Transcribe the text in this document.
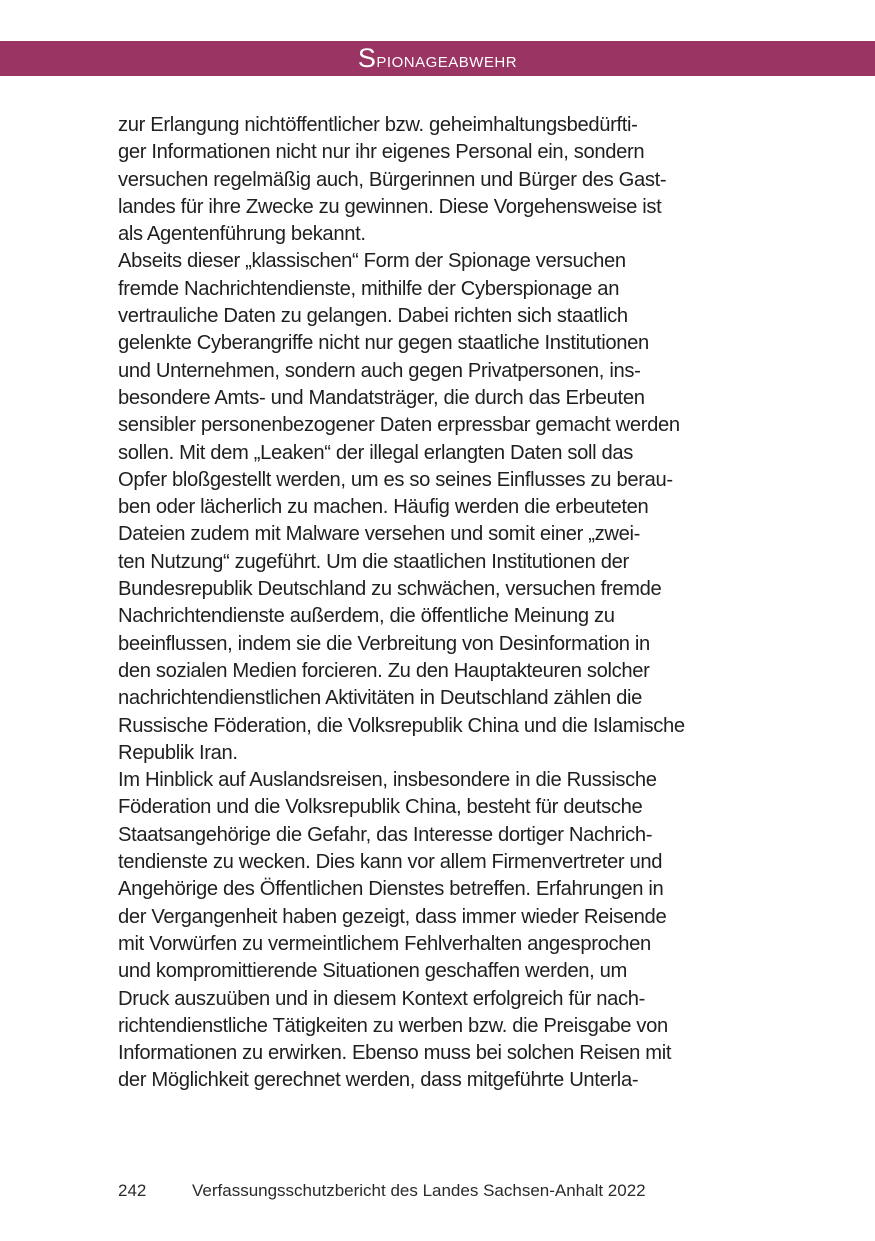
Spionageabwehr

zur Erlangung nichtöffentlicher bzw. geheimhaltungsbedürfti-
ger Informationen nicht nur ihr eigenes Personal ein, sondern
versuchen regelmäßig auch, Bürgerinnen und Bürger des Gast-
landes für ihre Zwecke zu gewinnen. Diese Vorgehensweise ist
als Agentenführung bekannt.

Abseits dieser „klassischen“ Form der Spionage versuchen
fremde Nachrichtendienste, mithilfe der Cyberspionage an
vertrauliche Daten zu gelangen. Dabei richten sich staatlich
gelenkte Cyberangriffe nicht nur gegen staatliche Institutionen
und Unternehmen, sondern auch gegen Privatpersonen, ins-
besondere Amts- und Mandatsträger, die durch das Erbeuten
sensibler personenbezogener Daten erpressbar gemacht werden
sollen. Mit dem „Leaken“ der illegal erlangten Daten soll das
Opfer bloßgestellt werden, um es so seines Einflusses zu berau-
ben oder lächerlich zu machen. Häufig werden die erbeuteten
Dateien zudem mit Malware versehen und somit einer „zwei-
ten Nutzung“ zugeführt. Um die staatlichen Institutionen der
Bundesrepublik Deutschland zu schwächen, versuchen fremde
Nachrichtendienste außerdem, die öffentliche Meinung zu
beeinflussen, indem sie die Verbreitung von Desinformation in
den sozialen Medien forcieren. Zu den Hauptakteuren solcher
nachrichtendienstlichen Aktivitäten in Deutschland zählen die
Russische Föderation, die Volksrepublik China und die Islamische
Republik Iran.

Im Hinblick auf Auslandsreisen, insbesondere in die Russische
Föderation und die Volksrepublik China, besteht für deutsche
Staatsangehörige die Gefahr, das Interesse dortiger Nachrich-
tendienste zu wecken. Dies kann vor allem Firmenvertreter und
Angehörige des Öffentlichen Dienstes betreffen. Erfahrungen in
der Vergangenheit haben gezeigt, dass immer wieder Reisende
mit Vorwürfen zu vermeintlichem Fehlverhalten angesprochen
und kompromittierende Situationen geschaffen werden, um
Druck auszuüben und in diesem Kontext erfolgreich für nach-
richtendienstliche Tätigkeiten zu werben bzw. die Preisgabe von
Informationen zu erwirken. Ebenso muss bei solchen Reisen mit
der Möglichkeit gerechnet werden, dass mitgeführte Unterla-

242	Verfassungsschutzbericht des Landes Sachsen-Anhalt 2022
